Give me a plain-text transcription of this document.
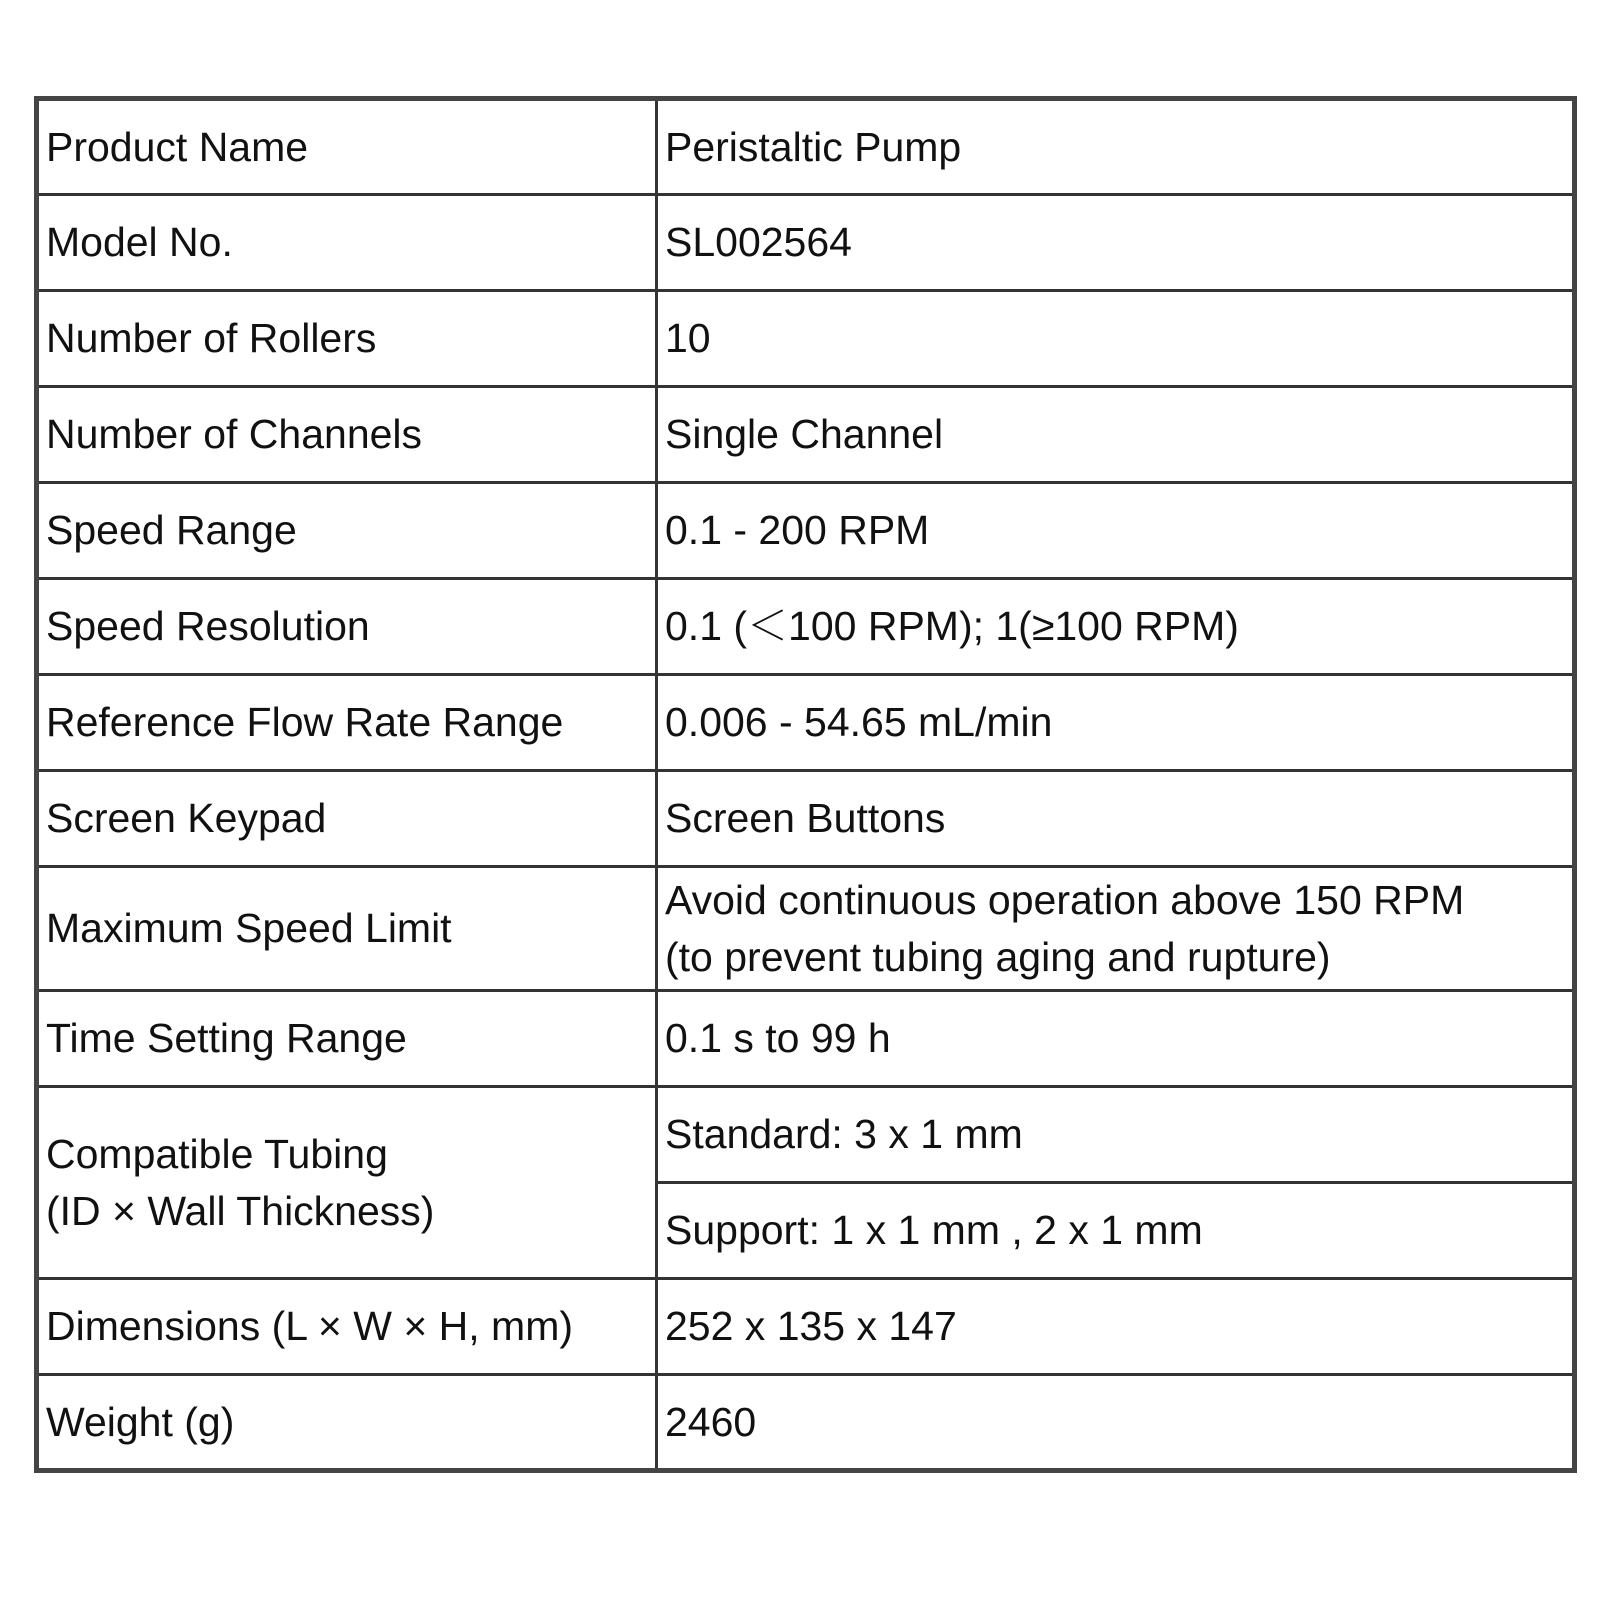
Product Name	Peristaltic Pump
Model No.	SL002564
Number of Rollers	10
Number of Channels	Single Channel
Speed Range	0.1 - 200 RPM
Speed Resolution	0.1 (＜100 RPM); 1(≥100 RPM)
Reference Flow Rate Range	0.006 - 54.65 mL/min
Screen Keypad	Screen Buttons
Maximum Speed Limit	Avoid continuous operation above 150 RPM
(to prevent tubing aging and rupture)

Time Setting Range	0.1 s to 99 h

Compatible Tubing
(ID × Wall Thickness)	Standard: 3 x 1 mm
	Support: 1 x 1 mm , 2 x 1 mm
Dimensions (L × W × H, mm)	252 x 135 x 147
Weight (g)	2460
